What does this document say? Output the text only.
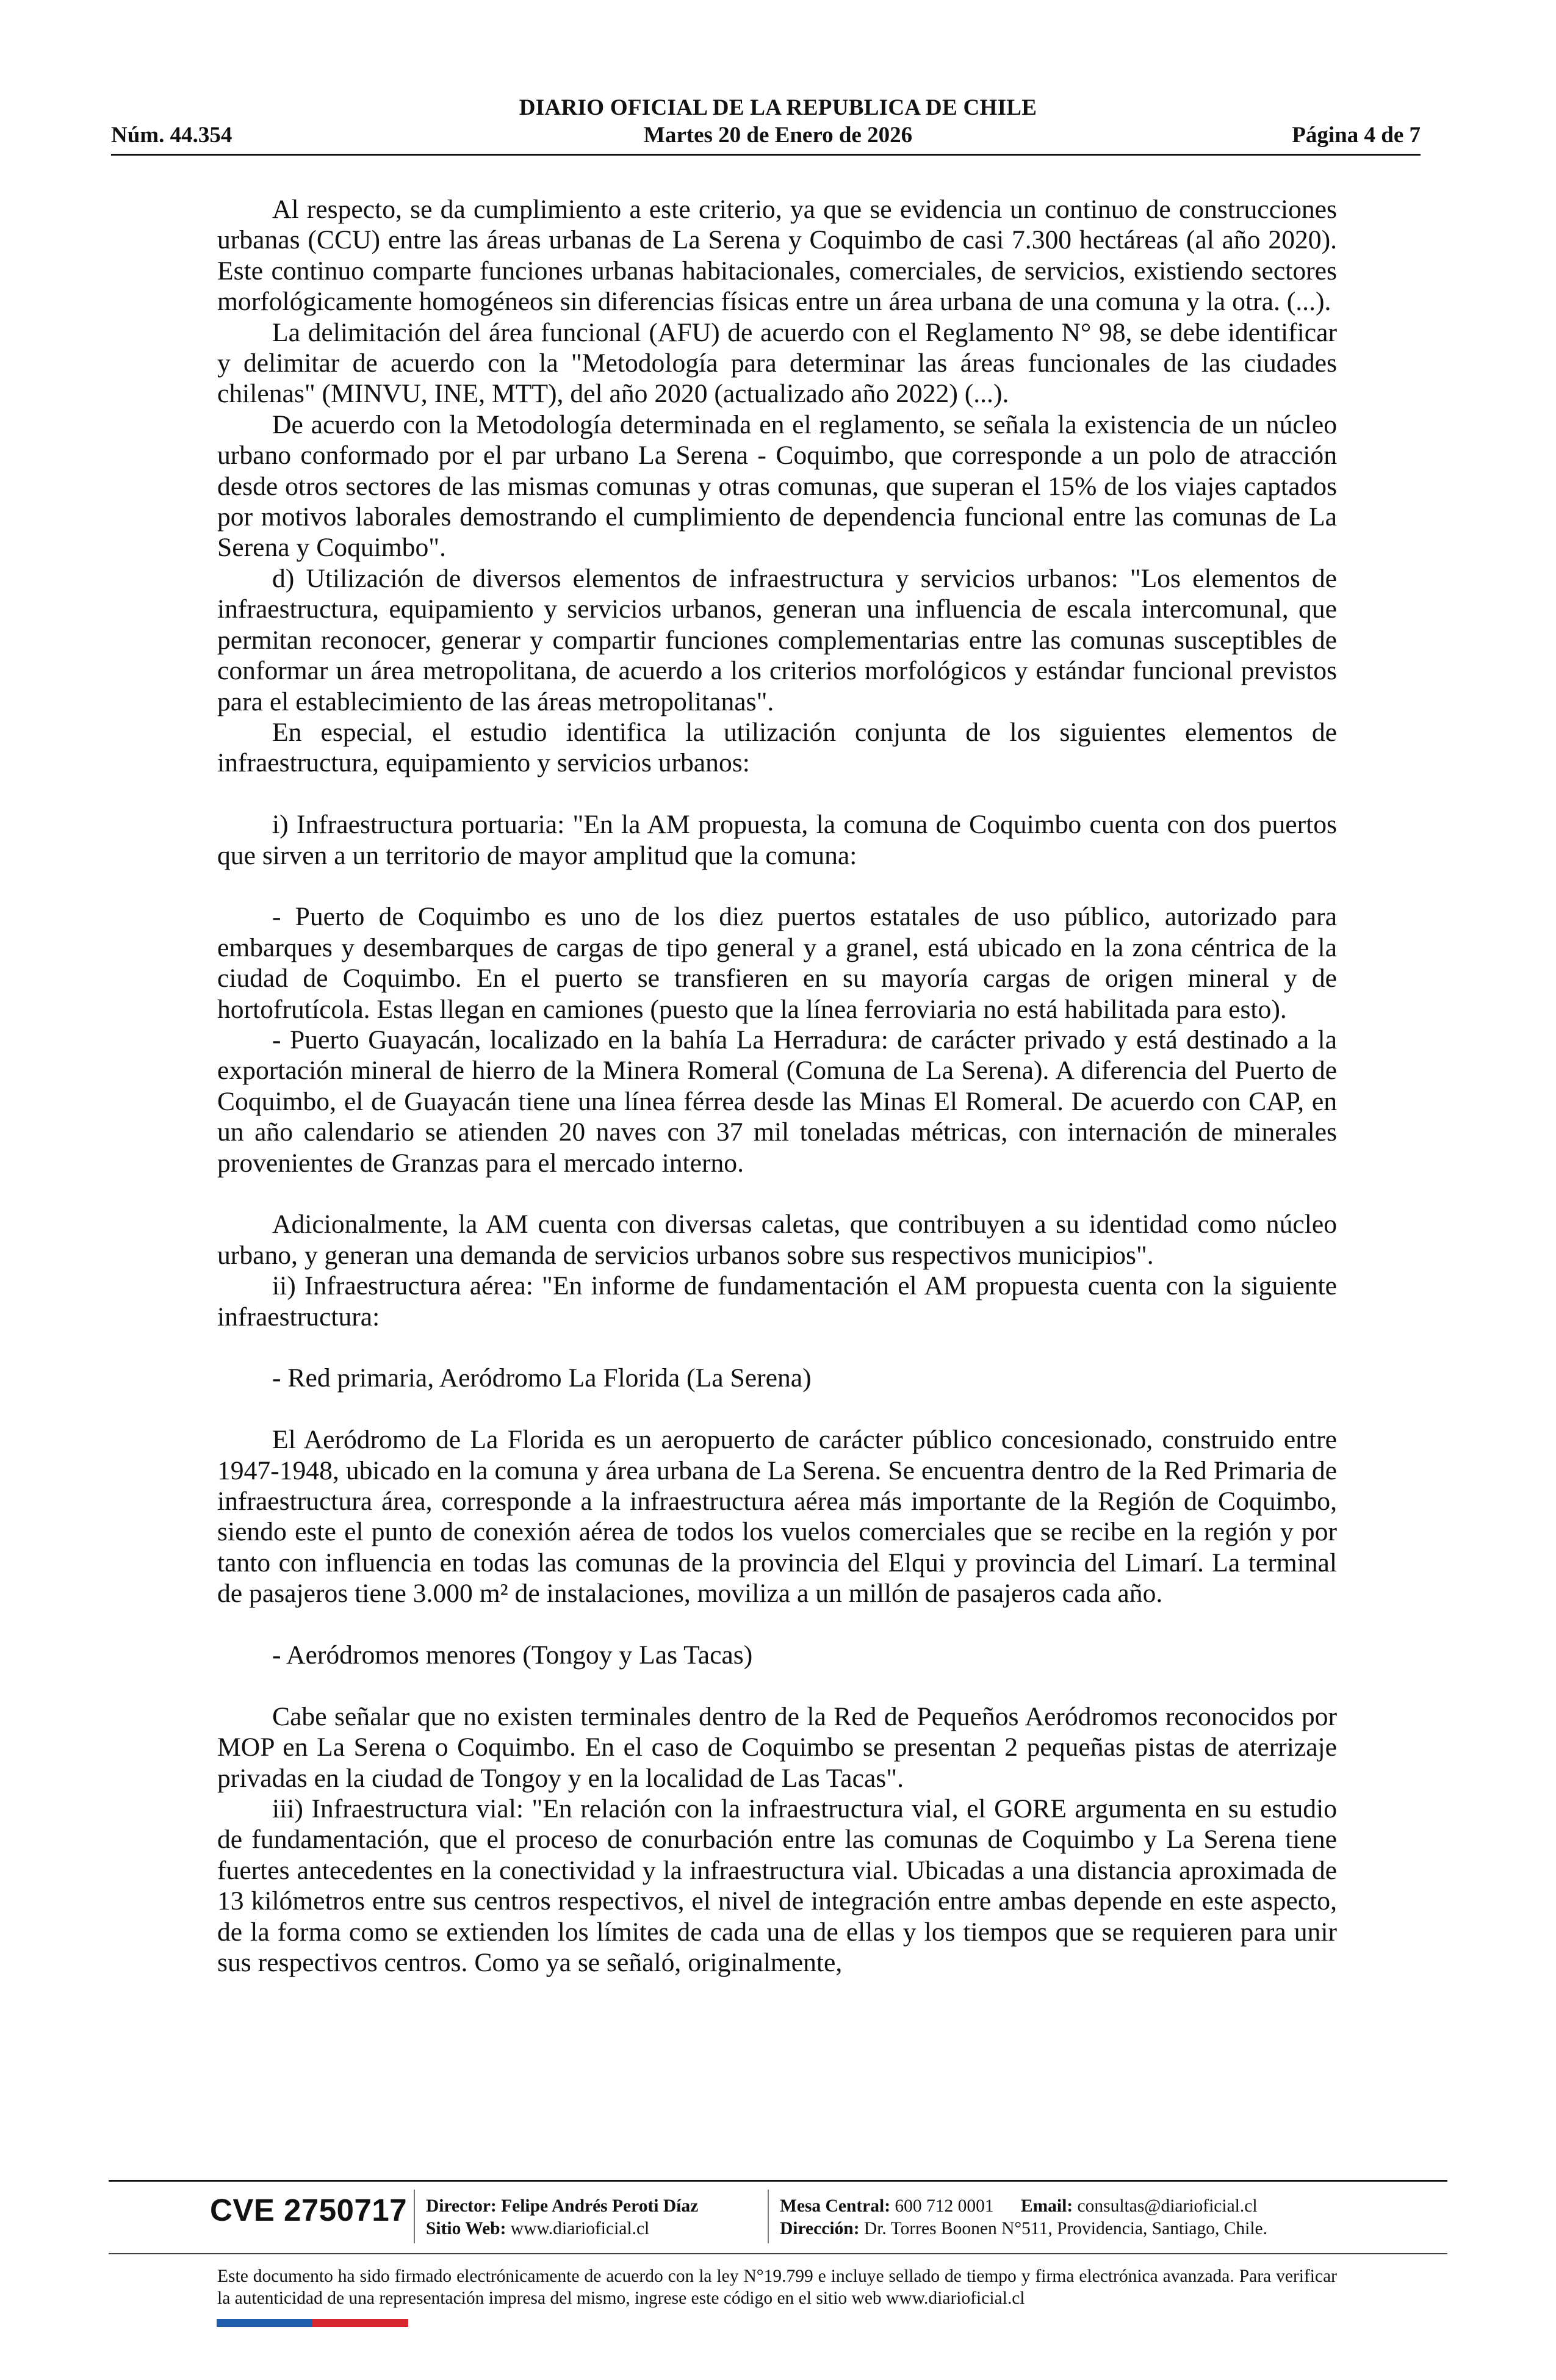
DIARIO OFICIAL DE LA REPUBLICA DE CHILE
Núm. 44.354	Martes 20 de Enero de 2026	Página 4 de 7

Al respecto, se da cumplimiento a este criterio, ya que se evidencia un continuo de construcciones urbanas (CCU) entre las áreas urbanas de La Serena y Coquimbo de casi 7.300 hectáreas (al año 2020). Este continuo comparte funciones urbanas habitacionales, comerciales, de servicios, existiendo sectores morfológicamente homogéneos sin diferencias físicas entre un área urbana de una comuna y la otra. (...).

La delimitación del área funcional (AFU) de acuerdo con el Reglamento N° 98, se debe identificar y delimitar de acuerdo con la "Metodología para determinar las áreas funcionales de las ciudades chilenas" (MINVU, INE, MTT), del año 2020 (actualizado año 2022) (...).

De acuerdo con la Metodología determinada en el reglamento, se señala la existencia de un núcleo urbano conformado por el par urbano La Serena - Coquimbo, que corresponde a un polo de atracción desde otros sectores de las mismas comunas y otras comunas, que superan el 15% de los viajes captados por motivos laborales demostrando el cumplimiento de dependencia funcional entre las comunas de La Serena y Coquimbo".

d) Utilización de diversos elementos de infraestructura y servicios urbanos: "Los elementos de infraestructura, equipamiento y servicios urbanos, generan una influencia de escala intercomunal, que permitan reconocer, generar y compartir funciones complementarias entre las comunas susceptibles de conformar un área metropolitana, de acuerdo a los criterios morfológicos y estándar funcional previstos para el establecimiento de las áreas metropolitanas".

En especial, el estudio identifica la utilización conjunta de los siguientes elementos de infraestructura, equipamiento y servicios urbanos:

i) Infraestructura portuaria: "En la AM propuesta, la comuna de Coquimbo cuenta con dos puertos que sirven a un territorio de mayor amplitud que la comuna:

- Puerto de Coquimbo es uno de los diez puertos estatales de uso público, autorizado para embarques y desembarques de cargas de tipo general y a granel, está ubicado en la zona céntrica de la ciudad de Coquimbo. En el puerto se transfieren en su mayoría cargas de origen mineral y de hortofrutícola. Estas llegan en camiones (puesto que la línea ferroviaria no está habilitada para esto).

- Puerto Guayacán, localizado en la bahía La Herradura: de carácter privado y está destinado a la exportación mineral de hierro de la Minera Romeral (Comuna de La Serena). A diferencia del Puerto de Coquimbo, el de Guayacán tiene una línea férrea desde las Minas El Romeral. De acuerdo con CAP, en un año calendario se atienden 20 naves con 37 mil toneladas métricas, con internación de minerales provenientes de Granzas para el mercado interno.

Adicionalmente, la AM cuenta con diversas caletas, que contribuyen a su identidad como núcleo urbano, y generan una demanda de servicios urbanos sobre sus respectivos municipios".

ii) Infraestructura aérea: "En informe de fundamentación el AM propuesta cuenta con la siguiente infraestructura:

- Red primaria, Aeródromo La Florida (La Serena)

El Aeródromo de La Florida es un aeropuerto de carácter público concesionado, construido entre 1947-1948, ubicado en la comuna y área urbana de La Serena. Se encuentra dentro de la Red Primaria de infraestructura área, corresponde a la infraestructura aérea más importante de la Región de Coquimbo, siendo este el punto de conexión aérea de todos los vuelos comerciales que se recibe en la región y por tanto con influencia en todas las comunas de la provincia del Elqui y provincia del Limarí. La terminal de pasajeros tiene 3.000 m² de instalaciones, moviliza a un millón de pasajeros cada año.

- Aeródromos menores (Tongoy y Las Tacas)

Cabe señalar que no existen terminales dentro de la Red de Pequeños Aeródromos reconocidos por MOP en La Serena o Coquimbo. En el caso de Coquimbo se presentan 2 pequeñas pistas de aterrizaje privadas en la ciudad de Tongoy y en la localidad de Las Tacas".

iii) Infraestructura vial: "En relación con la infraestructura vial, el GORE argumenta en su estudio de fundamentación, que el proceso de conurbación entre las comunas de Coquimbo y La Serena tiene fuertes antecedentes en la conectividad y la infraestructura vial. Ubicadas a una distancia aproximada de 13 kilómetros entre sus centros respectivos, el nivel de integración entre ambas depende en este aspecto, de la forma como se extienden los límites de cada una de ellas y los tiempos que se requieren para unir sus respectivos centros. Como ya se señaló, originalmente,

CVE 2750717 Director: Felipe Andrés Peroti Díaz
Sitio Web: www.diarioficial.cl
Mesa Central: 600 712 0001 Email: consultas@diarioficial.cl
Dirección: Dr. Torres Boonen N°511, Providencia, Santiago, Chile.
Este documento ha sido firmado electrónicamente de acuerdo con la ley N°19.799 e incluye sellado de tiempo y firma electrónica avanzada. Para verificar la autenticidad de una representación impresa del mismo, ingrese este código en el sitio web www.diarioficial.cl
